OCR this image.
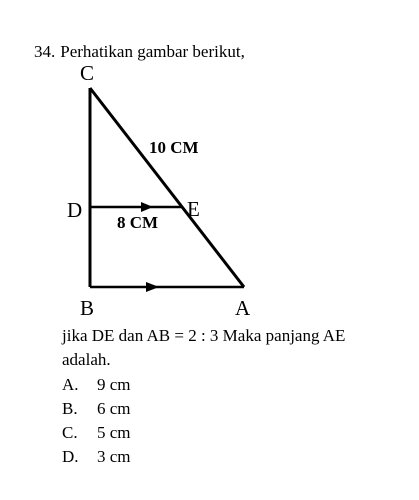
34. Perhatikan gambar berikut,
C
D	E
B	A
10 CM
8 CM
jika DE dan AB = 2 : 3 Maka panjang AE
adalah.
A. 9 cm
B. 6 cm
C. 5 cm
D. 3 cm
